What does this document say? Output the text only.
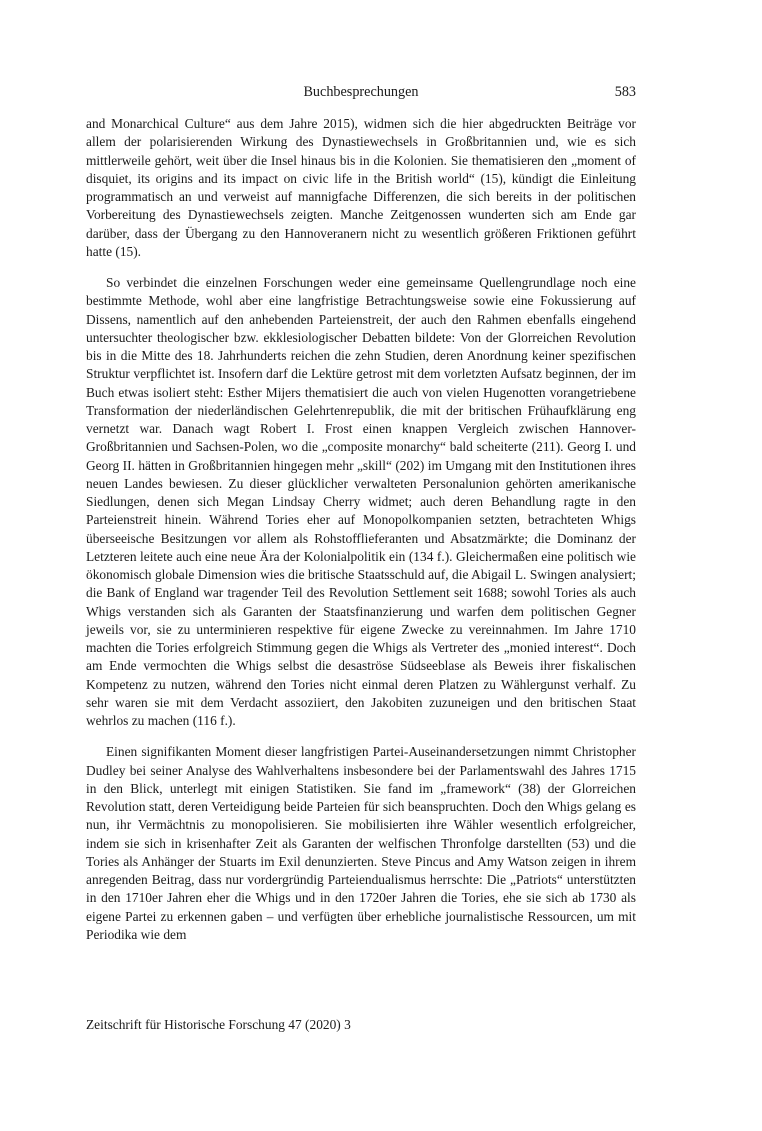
Buchbesprechungen	583

and Monarchical Culture“ aus dem Jahre 2015), widmen sich die hier abgedruckten Beiträge vor allem der polarisierenden Wirkung des Dynastiewechsels in Großbritannien und, wie es sich mittlerweile gehört, weit über die Insel hinaus bis in die Kolonien. Sie thematisieren den „moment of disquiet, its origins and its impact on civic life in the British world“ (15), kündigt die Einleitung programmatisch an und verweist auf mannigfache Differenzen, die sich bereits in der politischen Vorbereitung des Dynastiewechsels zeigten. Manche Zeitgenossen wunderten sich am Ende gar darüber, dass der Übergang zu den Hannoveranern nicht zu wesentlich größeren Friktionen geführt hatte (15).

So verbindet die einzelnen Forschungen weder eine gemeinsame Quellengrundlage noch eine bestimmte Methode, wohl aber eine langfristige Betrachtungsweise sowie eine Fokussierung auf Dissens, namentlich auf den anhebenden Parteienstreit, der auch den Rahmen ebenfalls eingehend untersuchter theologischer bzw. ekklesiologischer Debatten bildete: Von der Glorreichen Revolution bis in die Mitte des 18. Jahrhunderts reichen die zehn Studien, deren Anordnung keiner spezifischen Struktur verpflichtet ist. Insofern darf die Lektüre getrost mit dem vorletzten Aufsatz beginnen, der im Buch etwas isoliert steht: Esther Mijers thematisiert die auch von vielen Hugenotten vorangetriebene Transformation der niederländischen Gelehrtenrepublik, die mit der britischen Frühaufklärung eng vernetzt war. Danach wagt Robert I. Frost einen knappen Vergleich zwischen Hannover-Großbritannien und Sachsen-Polen, wo die „composite monarchy“ bald scheiterte (211). Georg I. und Georg II. hätten in Großbritannien hingegen mehr „skill“ (202) im Umgang mit den Institutionen ihres neuen Landes bewiesen. Zu dieser glücklicher verwalteten Personalunion gehörten amerikanische Siedlungen, denen sich Megan Lindsay Cherry widmet; auch deren Behandlung ragte in den Parteienstreit hinein. Während Tories eher auf Monopolkompanien setzten, betrachteten Whigs überseeische Besitzungen vor allem als Rohstofflieferanten und Absatzmärkte; die Dominanz der Letzteren leitete auch eine neue Ära der Kolonialpolitik ein (134 f.). Gleichermaßen eine politisch wie ökonomisch globale Dimension wies die britische Staatsschuld auf, die Abigail L. Swingen analysiert; die Bank of England war tragender Teil des Revolution Settlement seit 1688; sowohl Tories als auch Whigs verstanden sich als Garanten der Staatsfinanzierung und warfen dem politischen Gegner jeweils vor, sie zu unterminieren respektive für eigene Zwecke zu vereinnahmen. Im Jahre 1710 machten die Tories erfolgreich Stimmung gegen die Whigs als Vertreter des „monied interest“. Doch am Ende vermochten die Whigs selbst die desaströse Südseeblase als Beweis ihrer fiskalischen Kompetenz zu nutzen, während den Tories nicht einmal deren Platzen zu Wählergunst verhalf. Zu sehr waren sie mit dem Verdacht assoziiert, den Jakobiten zuzuneigen und den britischen Staat wehrlos zu machen (116 f.).

Einen signifikanten Moment dieser langfristigen Partei-Auseinandersetzungen nimmt Christopher Dudley bei seiner Analyse des Wahlverhaltens insbesondere bei der Parlamentswahl des Jahres 1715 in den Blick, unterlegt mit einigen Statistiken. Sie fand im „framework“ (38) der Glorreichen Revolution statt, deren Verteidigung beide Parteien für sich beanspruchten. Doch den Whigs gelang es nun, ihr Vermächtnis zu monopolisieren. Sie mobilisierten ihre Wähler wesentlich erfolgreicher, indem sie sich in krisenhafter Zeit als Garanten der welfischen Thronfolge darstellten (53) und die Tories als Anhänger der Stuarts im Exil denunzierten. Steve Pincus and Amy Watson zeigen in ihrem anregenden Beitrag, dass nur vordergründig Parteiendualismus herrschte: Die „Patriots“ unterstützten in den 1710er Jahren eher die Whigs und in den 1720er Jahren die Tories, ehe sie sich ab 1730 als eigene Partei zu erkennen gaben – und verfügten über erhebliche journalistische Ressourcen, um mit Periodika wie dem

Zeitschrift für Historische Forschung 47 (2020) 3
